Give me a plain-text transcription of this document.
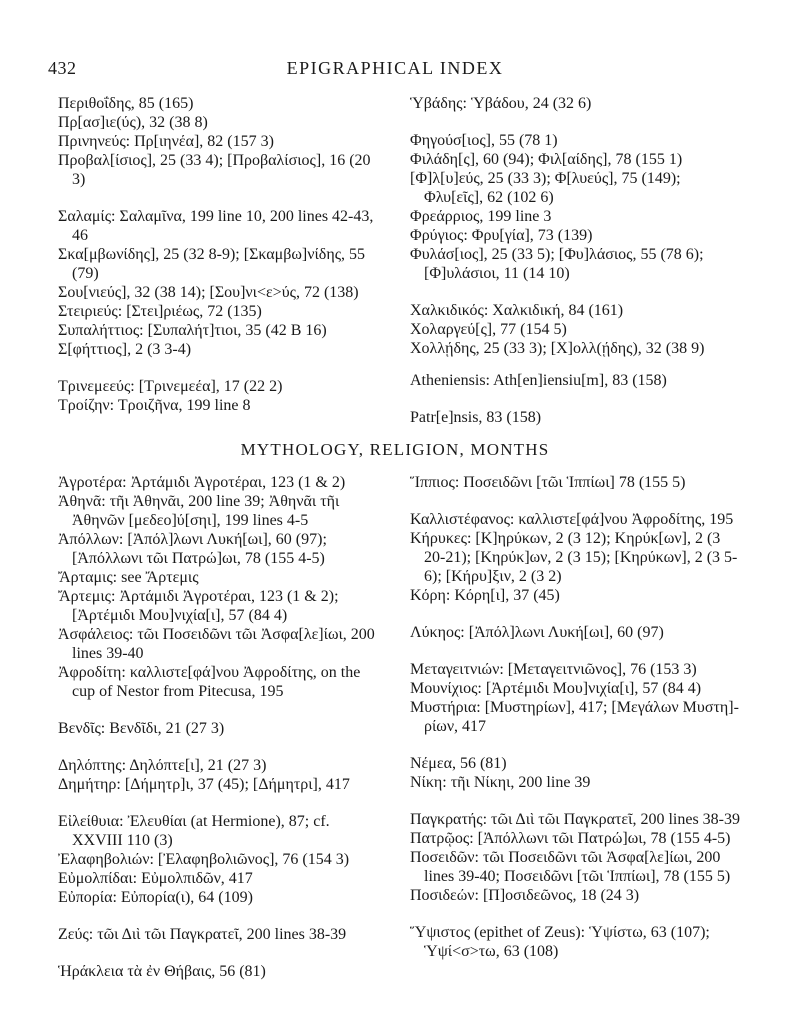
432	EPIGRAPHICAL INDEX

Περιθοΐδης, 85 (165)

Πρ[ασ]ιε(ύς), 32 (38 8)

Πρινηνεύς: Πρ[ιηνέα], 82 (157 3)

Προβαλ[ίσιος], 25 (33 4); [Προβαλίσιος], 16 (20 3)

Σαλαμίς: Σαλαμῖνα, 199 line 10, 200 lines 42-43, 46

Σκα[μβωνίδης], 25 (32 8-9); [Σκαμβω]νίδης, 55 (79)

Σου[νιεύς], 32 (38 14); [Σου]νι<ε>ύς, 72 (138)

Στειριεύς: [Στει]ριέως, 72 (135)

Συπαλήττιος: [Συπαλήτ]τιοι, 35 (42 B 16)

Σ[φήττιος], 2 (3 3-4)

Τρινεμεεύς: [Τρινεμεέα], 17 (22 2)

Τροίζην: Τροιζῆνα, 199 line 8

Ὑβάδης: Ὑβάδου, 24 (32 6)

Φηγούσ[ιος], 55 (78 1)

Φιλάδη[ς], 60 (94); Φιλ[αίδης], 78 (155 1)

[Φ]λ[υ]εύς, 25 (33 3); Φ[λυεύς], 75 (149); Φλυ[εῖς], 62 (102 6)

Φρεάρριος, 199 line 3

Φρύγιος: Φρυ[γία], 73 (139)

Φυλάσ[ιος], 25 (33 5); [Φυ]λάσιος, 55 (78 6); [Φ]υλάσιοι, 11 (14 10)

Χαλκιδικός: Χαλκιδική, 84 (161)

Χολαργεύ[ς], 77 (154 5)

Χολλῄδης, 25 (33 3); [Χ]ολλ(ῄδης), 32 (38 9)

Atheniensis: Ath[en]iensiu[m], 83 (158)

Patr[e]nsis, 83 (158)

MYTHOLOGY, RELIGION, MONTHS

Ἀγροτέρα: Ἀρτάμιδι Ἀγροτέραι, 123 (1 & 2)

Ἀθηνᾶ: τῆι Ἀθηνᾶι, 200 line 39; Ἀθηνᾶι τῆι Ἀθηνῶν [μεδεο]ύ[σηι], 199 lines 4-5

Ἀπόλλων: [Ἀπόλ]λωνι Λυκή[ωι], 60 (97); [Ἀπόλλωνι τῶι Πατρώ]ωι, 78 (155 4-5)

Ἄρταμις: see Ἄρτεμις

Ἄρτεμις: Ἀρτάμιδι Ἀγροτέραι, 123 (1 & 2); [Ἀρτέμιδι Μου]νιχία[ι], 57 (84 4)

Ἀσφάλειος: τῶι Ποσειδῶνι τῶι Ἀσφα[λε]ίωι, 200 lines 39-40

Ἀφροδίτη: καλλιστε[φά]νου Ἀφροδίτης, on the cup of Nestor from Pitecusa, 195

Βενδῖς: Βενδῖδι, 21 (27 3)

Δηλόπτης: Δηλόπτε[ι], 21 (27 3)

Δημήτηρ: [Δήμητρ]ι, 37 (45); [Δήμητρι], 417

Εἰλείθυια: Ἐλευθίαι (at Hermione), 87; cf. XXVIII 110 (3)

Ἐλαφηβολιών: [Ἐλαφηβολιῶνος], 76 (154 3)

Εὐμολπίδαι: Εὐμολπιδῶν, 417

Εὐπορία: Εὐπορία(ι), 64 (109)

Ζεύς: τῶι Διὶ τῶι Παγκρατεῖ, 200 lines 38-39

Ἡράκλεια τὰ ἐν Θήβαις, 56 (81)

Ἵππιος: Ποσειδῶνι [τῶι Ἱππίωι] 78 (155 5)

Καλλιστέφανος: καλλιστε[φά]νου Ἀφροδίτης, 195

Κήρυκες: [Κ]ηρύκων, 2 (3 12); Κηρύκ[ων], 2 (3 20-21); [Κηρύκ]ων, 2 (3 15); [Κηρύκων], 2 (3 5-6); [Κήρυ]ξιν, 2 (3 2)

Κόρη: Κόρη[ι], 37 (45)

Λύκηος: [Ἀπόλ]λωνι Λυκή[ωι], 60 (97)

Μεταγειτνιών: [Μεταγειτνιῶνος], 76 (153 3)

Μουνίχιος: [Ἀρτέμιδι Μου]νιχία[ι], 57 (84 4)

Μυστήρια: [Μυστηρίων], 417; [Μεγάλων Μυστη]-ρίων, 417

Νέμεα, 56 (81)

Νίκη: τῆι Νίκηι, 200 line 39

Παγκρατής: τῶι Διὶ τῶι Παγκρατεῖ, 200 lines 38-39

Πατρῷος: [Ἀπόλλωνι τῶι Πατρώ]ωι, 78 (155 4-5)

Ποσειδῶν: τῶι Ποσειδῶνι τῶι Ἀσφα[λε]ίωι, 200 lines 39-40; Ποσειδῶνι [τῶι Ἱππίωι], 78 (155 5)

Ποσιδεών: [Π]οσιδεῶνος, 18 (24 3)

Ὕψιστος (epithet of Zeus): Ὑψίστω, 63 (107); Ὑψί<σ>τω, 63 (108)
